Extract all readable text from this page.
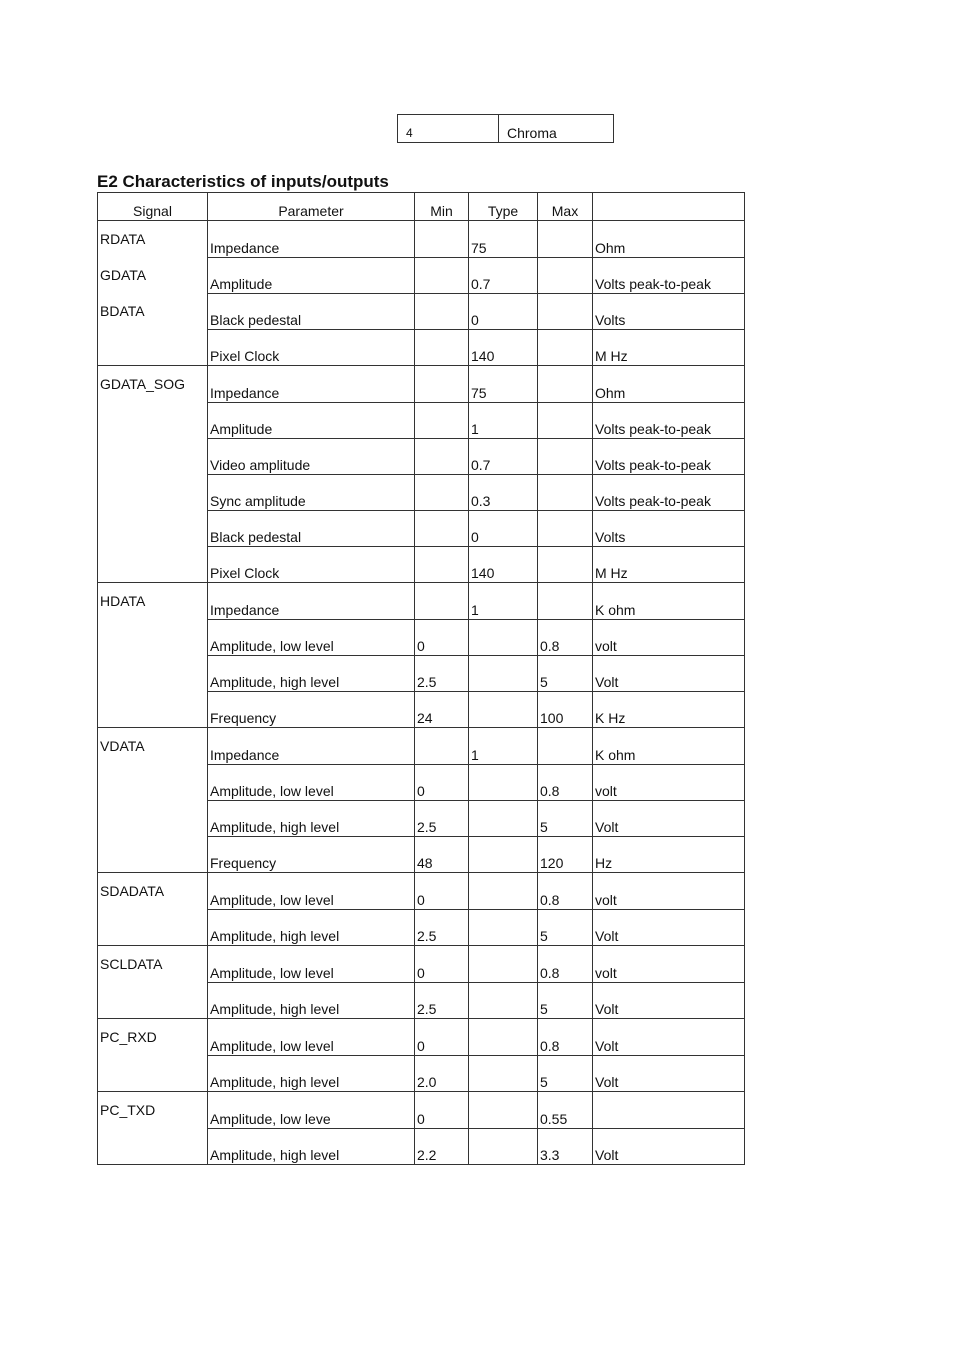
4	Chroma
E2 Characteristics of inputs/outputs
Signal	Parameter	Min	Type	Max	
RDATA	Impedance		75		Ohm
GDATA	Amplitude		0.7		Volts peak-to-peak
BDATA	Black pedestal		0		Volts
	Pixel Clock		140		M Hz
GDATA_SOG	Impedance		75		Ohm
	Amplitude		1		Volts peak-to-peak
	Video amplitude		0.7		Volts peak-to-peak
	Sync amplitude		0.3		Volts peak-to-peak
	Black pedestal		0		Volts
	Pixel Clock		140		M Hz
HDATA	Impedance		1		K ohm
	Amplitude, low level	0		0.8	volt
	Amplitude, high level	2.5		5	Volt
	Frequency	24		100	K Hz
VDATA	Impedance		1		K ohm
	Amplitude, low level	0		0.8	volt
	Amplitude, high level	2.5		5	Volt
	Frequency	48		120	Hz
SDADATA	Amplitude, low level	0		0.8	volt
	Amplitude, high level	2.5		5	Volt
SCLDATA	Amplitude, low level	0		0.8	volt
	Amplitude, high level	2.5		5	Volt
PC_RXD	Amplitude, low level	0		0.8	Volt
	Amplitude, high level	2.0		5	Volt
PC_TXD	Amplitude, low leve	0		0.55	
	Amplitude, high level	2.2		3.3	Volt
